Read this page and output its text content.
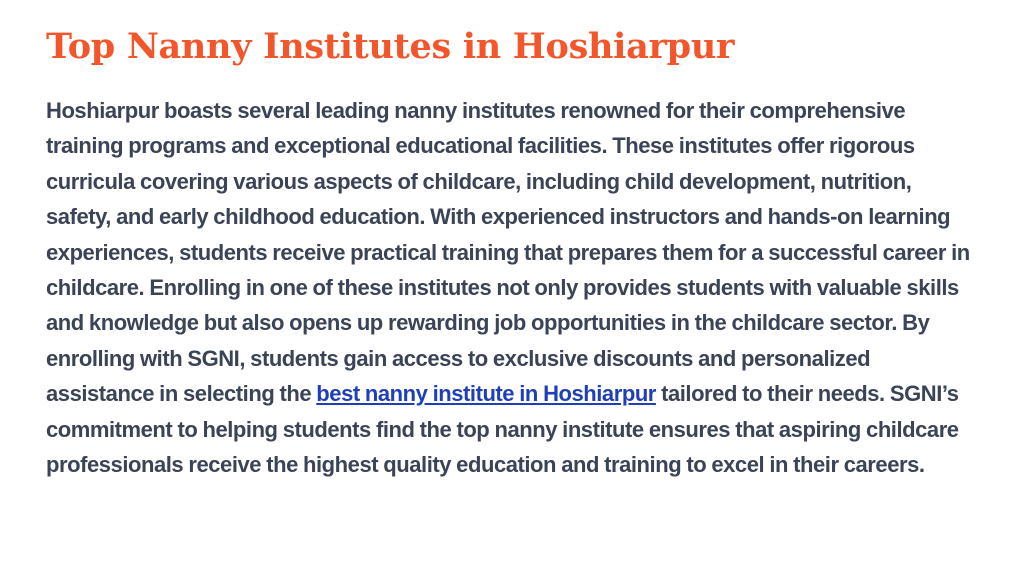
Top Nanny Institutes in Hoshiarpur

Hoshiarpur boasts several leading nanny institutes renowned for their comprehensive training programs and exceptional educational facilities. These institutes offer rigorous curricula covering various aspects of childcare, including child development, nutrition, safety, and early childhood education. With experienced instructors and hands-on learning experiences, students receive practical training that prepares them for a successful career in childcare. Enrolling in one of these institutes not only provides students with valuable skills and knowledge but also opens up rewarding job opportunities in the childcare sector. By enrolling with SGNI, students gain access to exclusive discounts and personalized assistance in selecting the best nanny institute in Hoshiarpur tailored to their needs. SGNI’s commitment to helping students find the top nanny institute ensures that aspiring childcare professionals receive the highest quality education and training to excel in their careers.
